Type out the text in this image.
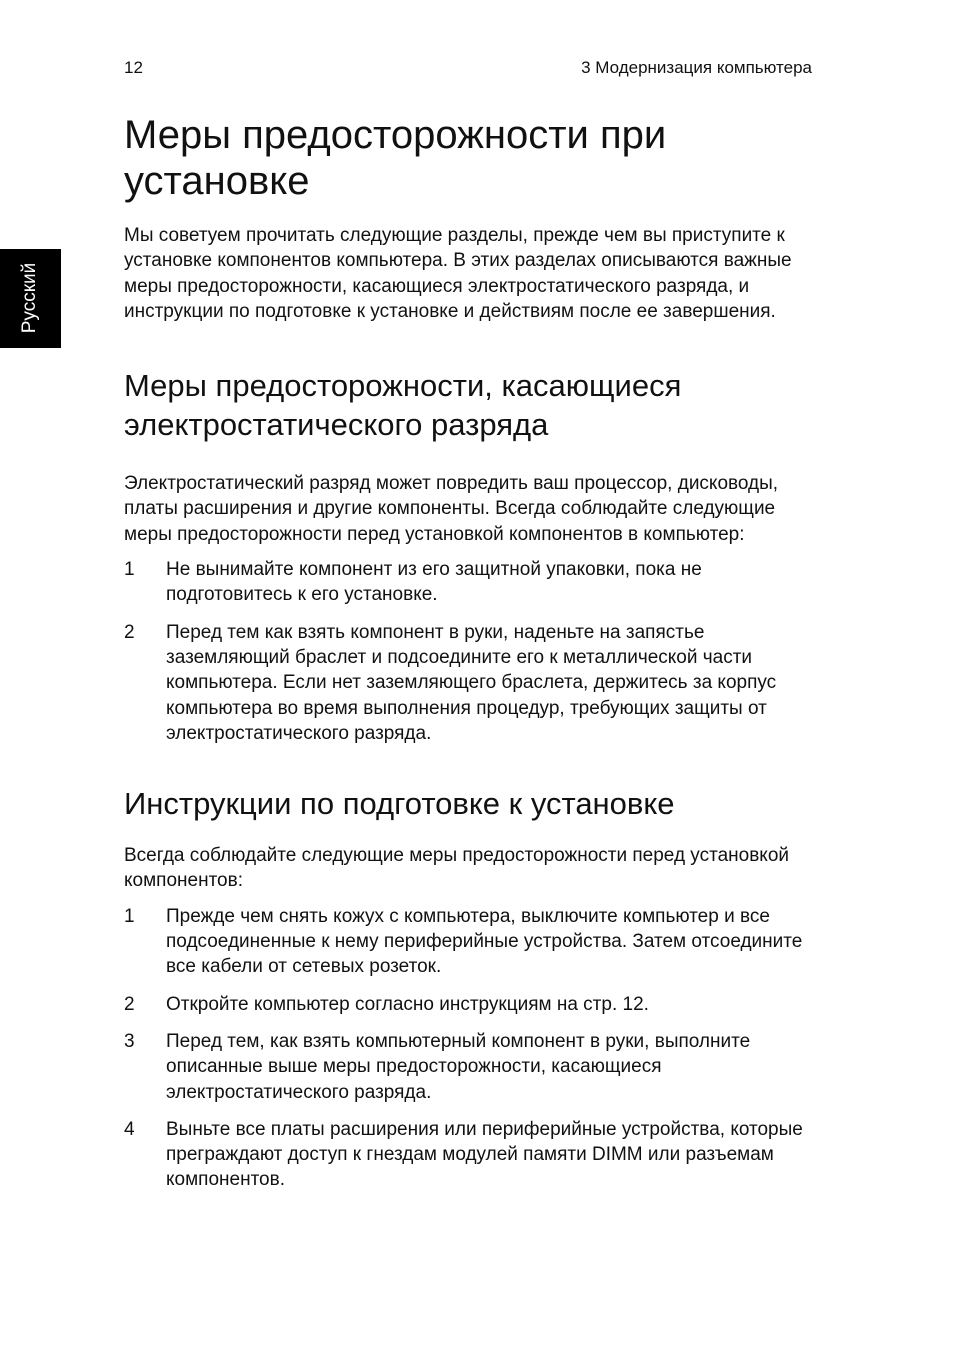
12	3 Модернизация компьютера
Русский
Меры предосторожности при установке

Мы советуем прочитать следующие разделы, прежде чем вы приступите к установке компонентов компьютера. В этих разделах описываются важные меры предосторожности, касающиеся электростатического разряда, и инструкции по подготовке к установке и действиям после ее завершения.

Меры предосторожности, касающиеся электростатического разряда

Электростатический разряд может повредить ваш процессор, дисководы, платы расширения и другие компоненты. Всегда соблюдайте следующие меры предосторожности перед установкой компонентов в компьютер:

1 Не вынимайте компонент из его защитной упаковки, пока не подготовитесь к его установке.
2 Перед тем как взять компонент в руки, наденьте на запястье заземляющий браслет и подсоедините его к металлической части компьютера. Если нет заземляющего браслета, держитесь за корпус компьютера во время выполнения процедур, требующих защиты от электростатического разряда.
Инструкции по подготовке к установке

Всегда соблюдайте следующие меры предосторожности перед установкой компонентов:

1 Прежде чем снять кожух с компьютера, выключите компьютер и все подсоединенные к нему периферийные устройства. Затем отсоедините все кабели от сетевых розеток.
2 Откройте компьютер согласно инструкциям на стр. 12.
3 Перед тем, как взять компьютерный компонент в руки, выполните описанные выше меры предосторожности, касающиеся электростатического разряда.
4 Выньте все платы расширения или периферийные устройства, которые преграждают доступ к гнездам модулей памяти DIMM или разъемам компонентов.
